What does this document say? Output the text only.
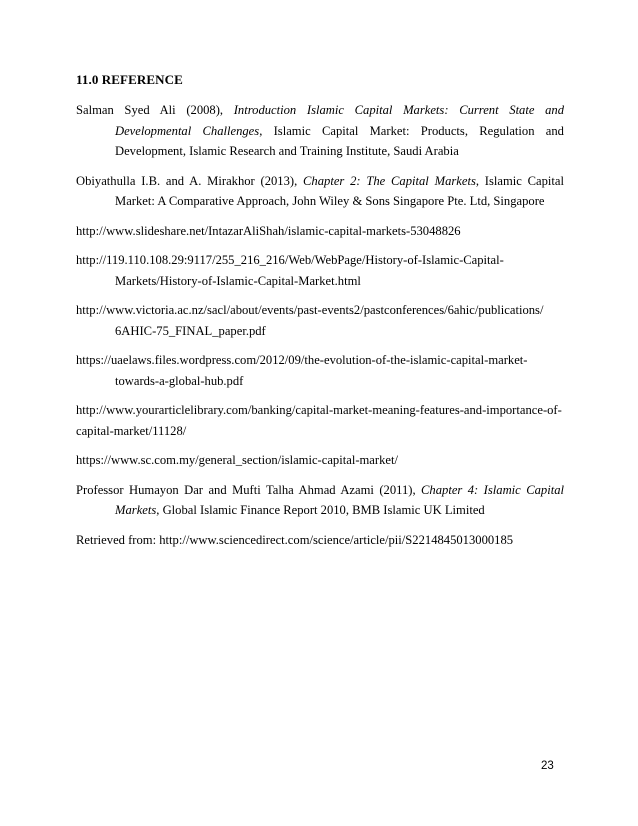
11.0 REFERENCE
Salman Syed Ali (2008), Introduction Islamic Capital Markets: Current State and Developmental Challenges, Islamic Capital Market: Products, Regulation and Development, Islamic Research and Training Institute, Saudi Arabia
Obiyathulla I.B. and A. Mirakhor (2013), Chapter 2: The Capital Markets, Islamic Capital Market: A Comparative Approach, John Wiley & Sons Singapore Pte. Ltd, Singapore
http://www.slideshare.net/IntazarAliShah/islamic-capital-markets-53048826
http://119.110.108.29:9117/255_216_216/Web/WebPage/History-of-Islamic-Capital-
Markets/History-of-Islamic-Capital-Market.html
http://www.victoria.ac.nz/sacl/about/events/past-events2/pastconferences/6ahic/publications/
6AHIC-75_FINAL_paper.pdf
https://uaelaws.files.wordpress.com/2012/09/the-evolution-of-the-islamic-capital-market-
towards-a-global-hub.pdf
http://www.yourarticlelibrary.com/banking/capital-market-meaning-features-and-importance-of-
capital-market/11128/
https://www.sc.com.my/general_section/islamic-capital-market/
Professor Humayon Dar and Mufti Talha Ahmad Azami (2011), Chapter 4: Islamic Capital Markets, Global Islamic Finance Report 2010, BMB Islamic UK Limited
Retrieved from: http://www.sciencedirect.com/science/article/pii/S2214845013000185
23
